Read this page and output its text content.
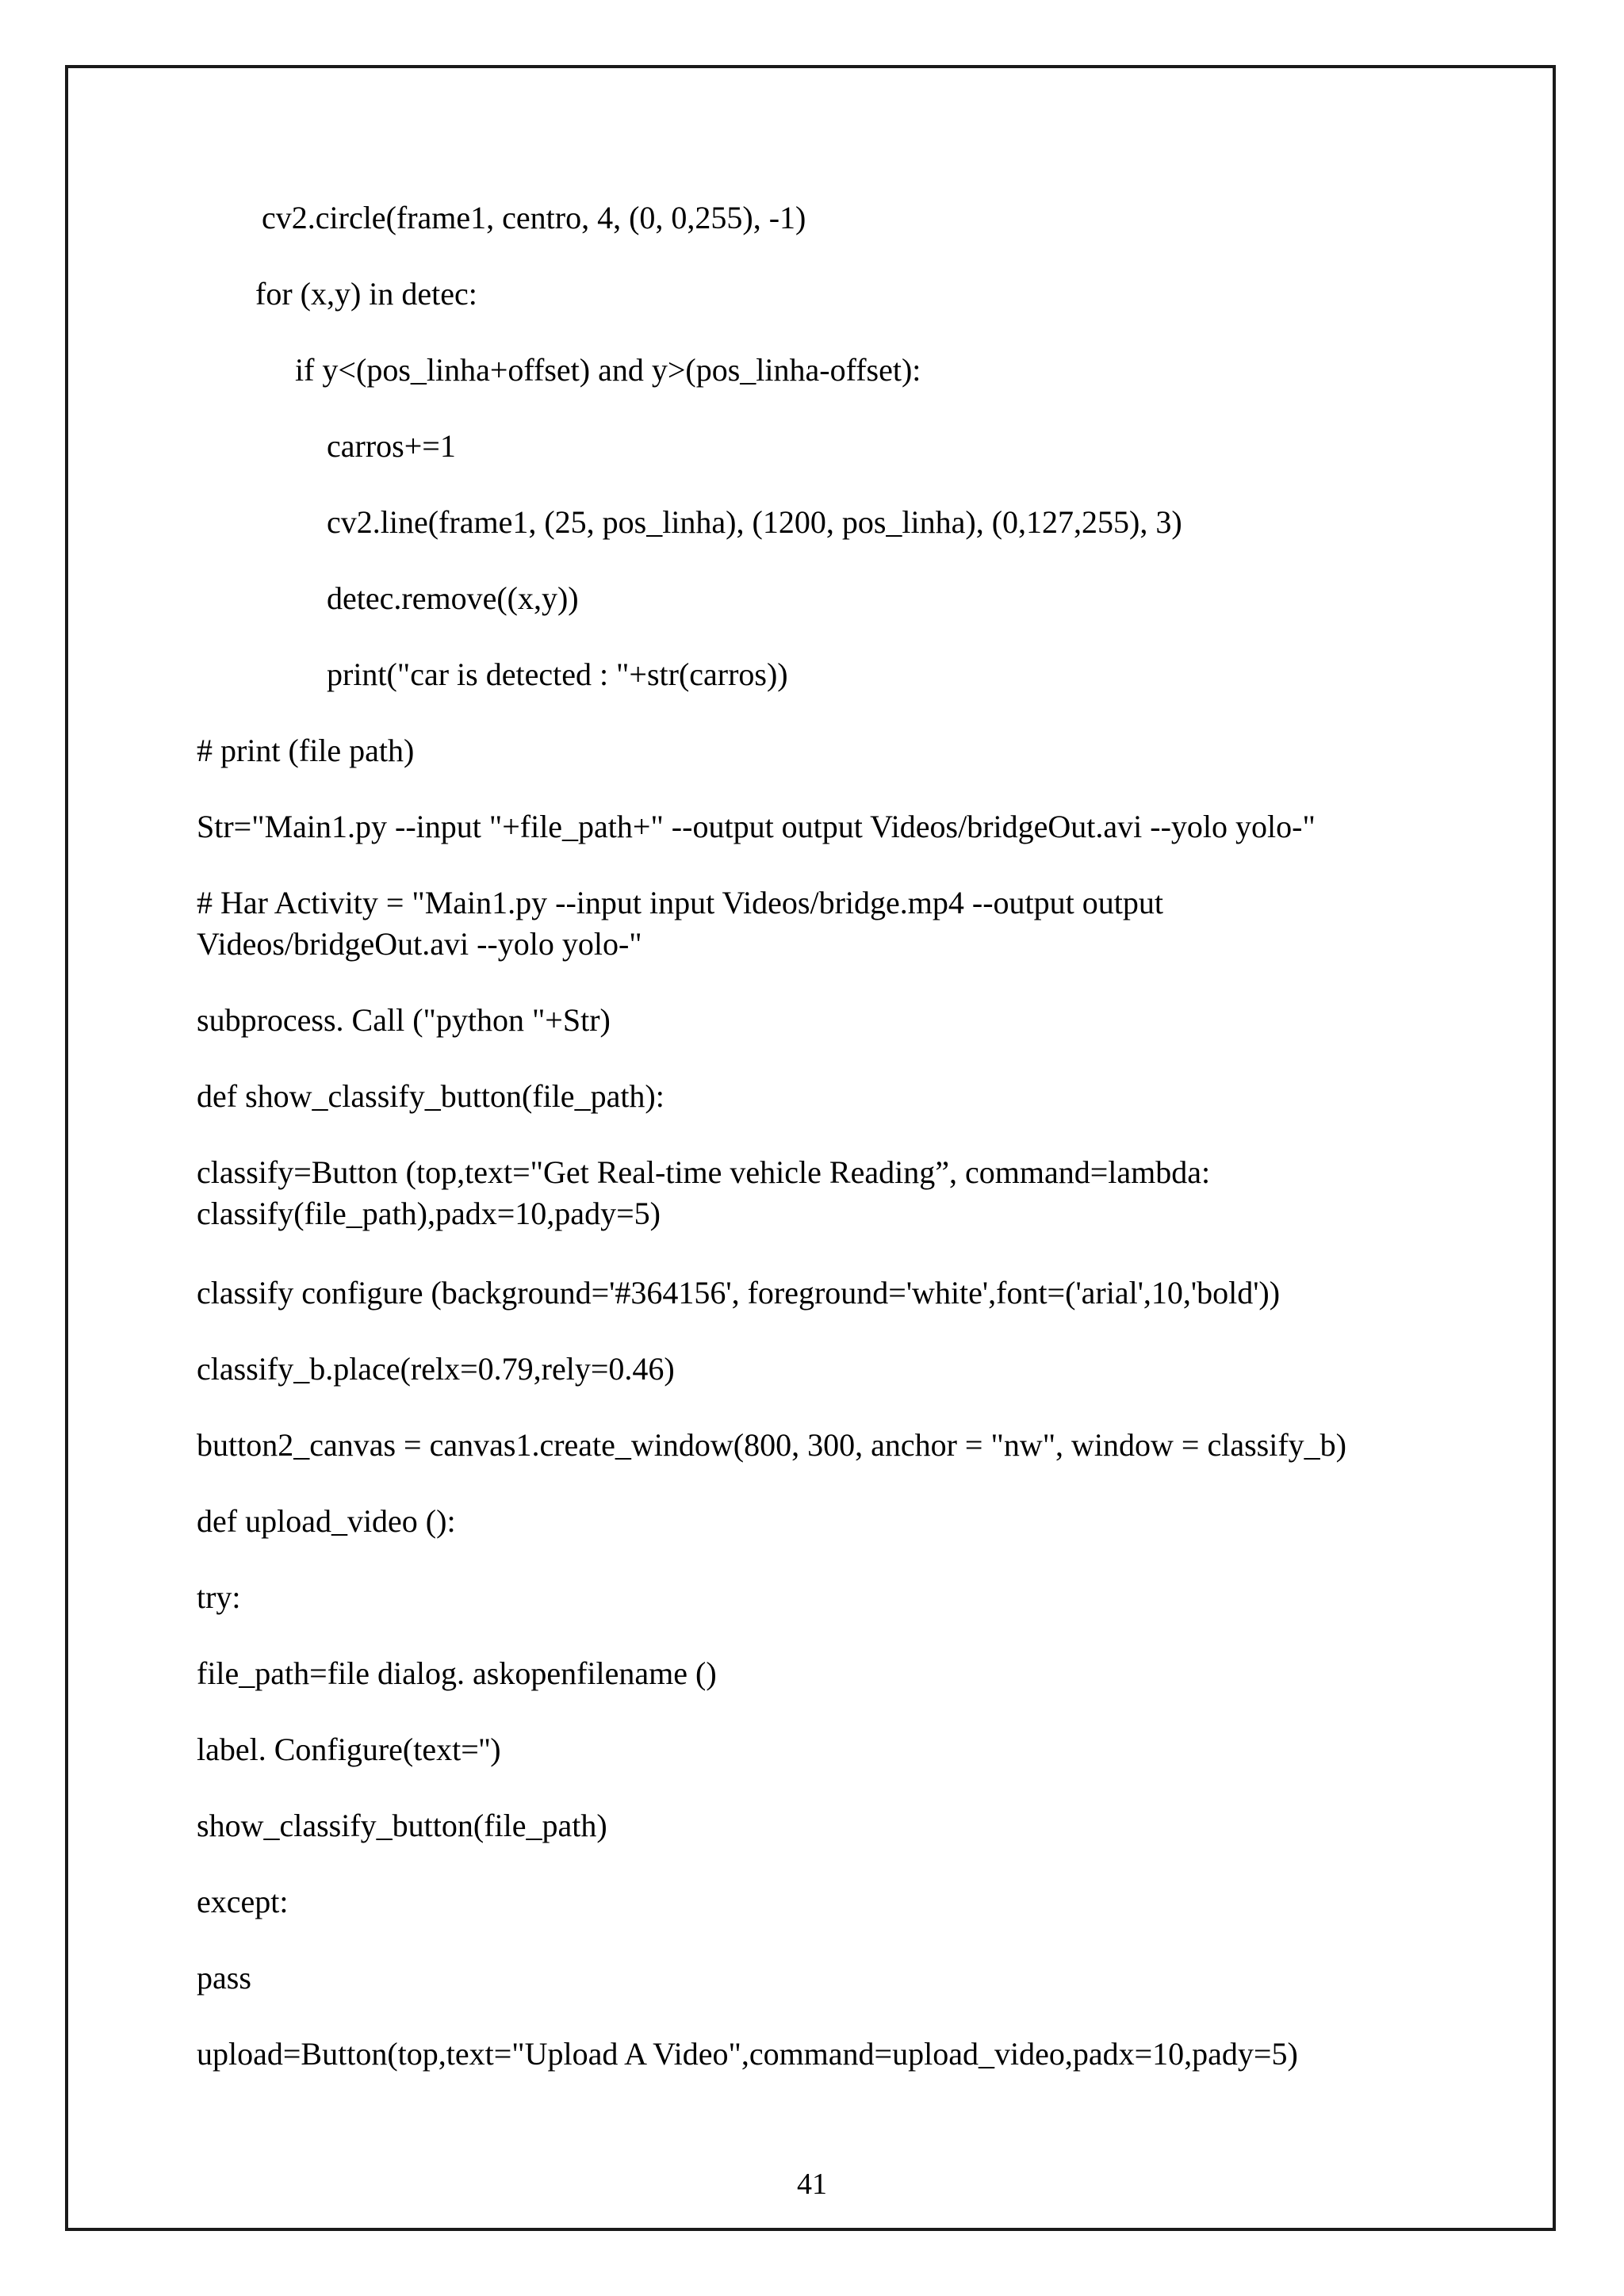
cv2.circle(frame1, centro, 4, (0, 0,255), -1)

for (x,y) in detec:

if y<(pos_linha+offset) and y>(pos_linha-offset):

carros+=1

cv2.line(frame1, (25, pos_linha), (1200, pos_linha), (0,127,255), 3)

detec.remove((x,y))

print("car is detected : "+str(carros))

# print (file path)

Str="Main1.py --input "+file_path+" --output output Videos/bridgeOut.avi --yolo yolo-"

# Har Activity = "Main1.py --input input Videos/bridge.mp4 --output output

Videos/bridgeOut.avi --yolo yolo-"

subprocess. Call ("python "+Str)

def show_classify_button(file_path):

classify=Button (top,text="Get Real-time vehicle Reading”, command=lambda:

classify(file_path),padx=10,pady=5)

classify configure (background='#364156', foreground='white',font=('arial',10,'bold'))

classify_b.place(relx=0.79,rely=0.46)

button2_canvas = canvas1.create_window(800, 300, anchor = "nw", window = classify_b)

def upload_video ():

try:

file_path=file dialog. askopenfilename ()

label. Configure(text='')

show_classify_button(file_path)

except:

pass

upload=Button(top,text="Upload A Video",command=upload_video,padx=10,pady=5)

41
